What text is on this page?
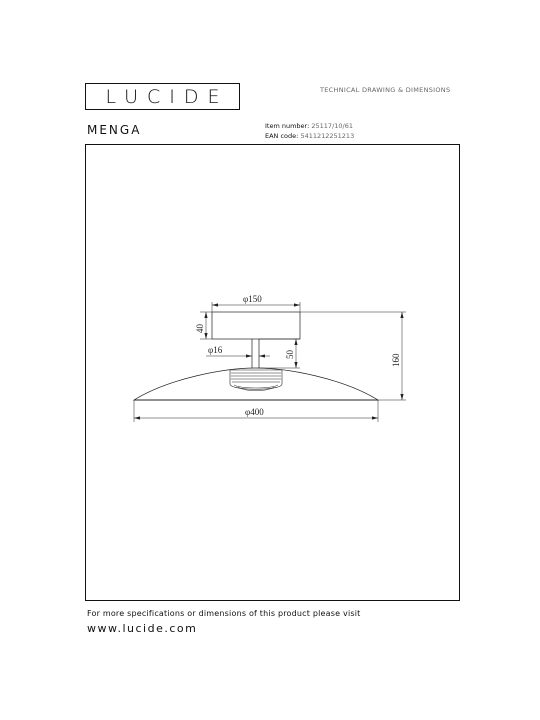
LUCIDE	TECHNICAL DRAWING & DIMENSIONS
MENGA	Item number: 25117/10/61
EAN code: 5411212251213
φ150
40
φ16	50	160
φ400
For more specifications or dimensions of this product please visit
www.lucide.com
